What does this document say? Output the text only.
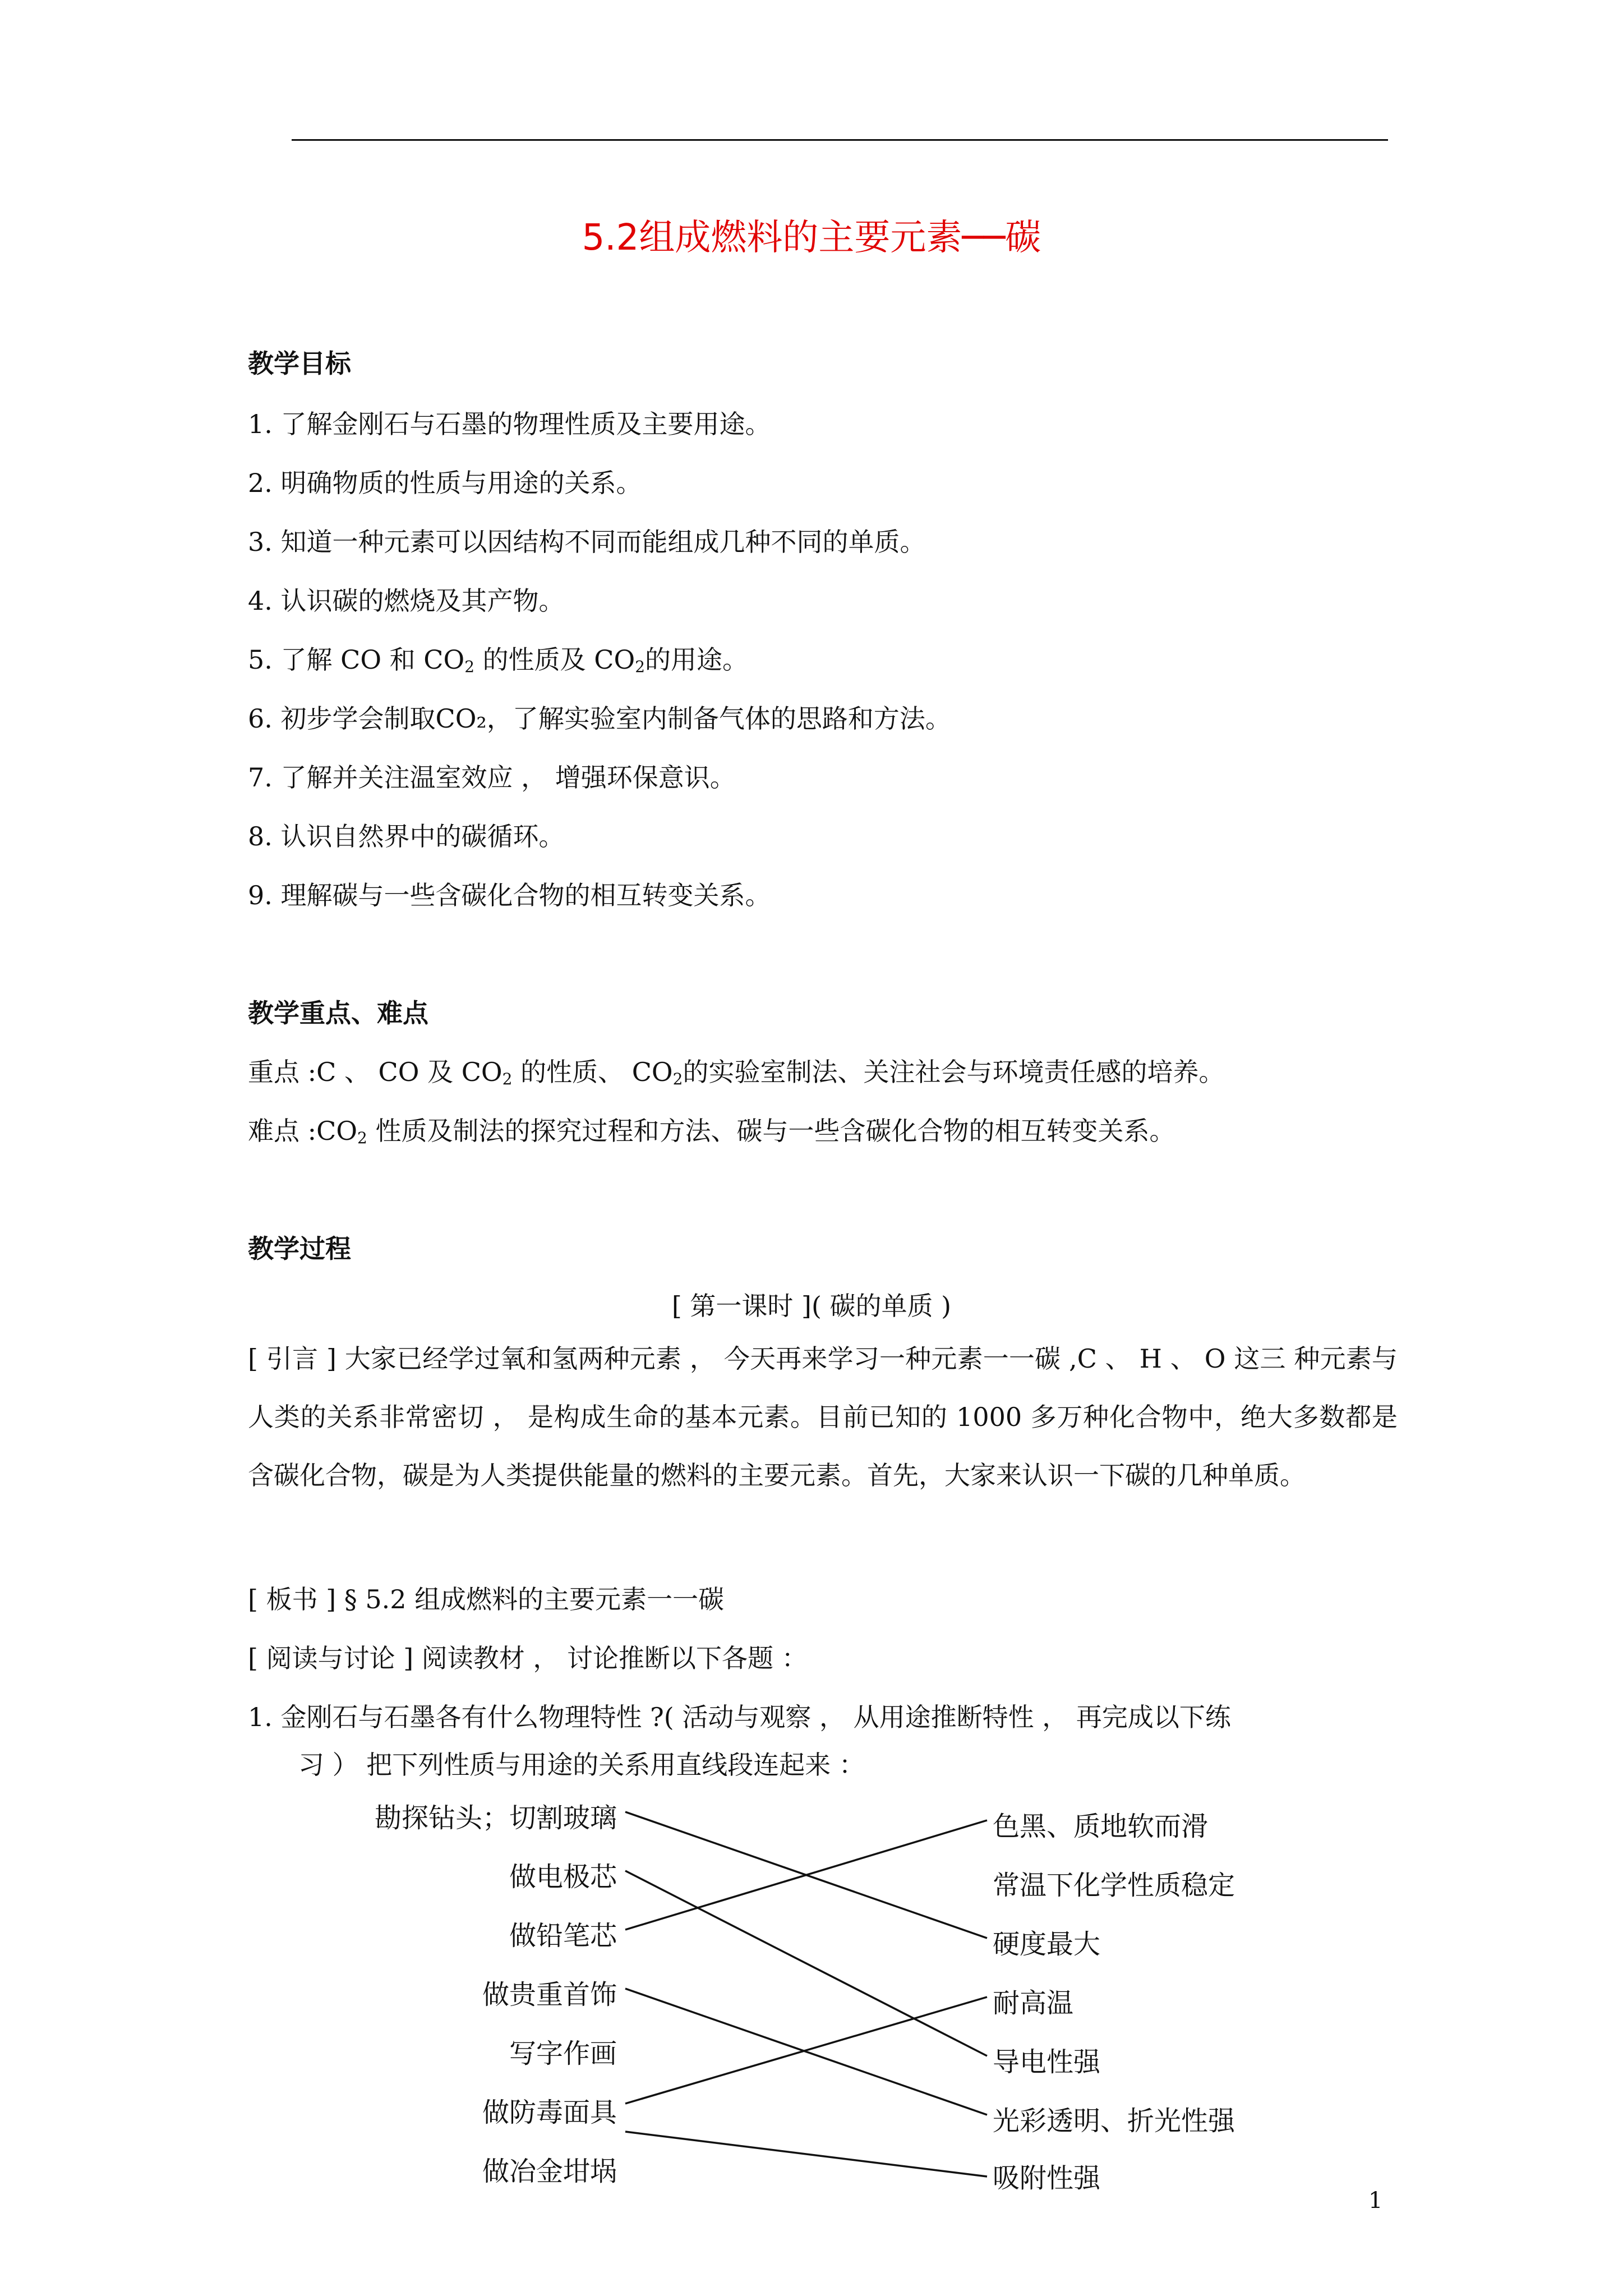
5.2组成燃料的主要元素──碳
教学目标
1. 了解金刚石与石墨的物理性质及主要用途。
2. 明确物质的性质与用途的关系。
3. 知道一种元素可以因结构不同而能组成几种不同的单质。
4. 认识碳的燃烧及其产物。
5. 了解 CO 和 $CO_2$ 的性质及 $CO_2$的用途。
6. 初步学会制取CO₂，了解实验室内制备气体的思路和方法。
7. 了解并关注温室效应 ， 增强环保意识。
8. 认识自然界中的碳循环。
9. 理解碳与一些含碳化合物的相互转变关系。
教学重点、难点
重点 :C 、 CO 及 $CO_2$ 的性质、 $CO_2$的实验室制法、关注社会与环境责任感的培养。
难点 $:CO_2$ 性质及制法的探究过程和方法、碳与一些含碳化合物的相互转变关系。
教学过程
[ 第一课时 ]( 碳的单质 )
[ 引言 ] 大家已经学过氧和氢两种元素 ， 今天再来学习一种元素一一碳 ,C 、 H 、 O 这三 种元素与人类的关系非常密切 ， 是构成生命的基本元素。目前已知的 1000 多万种化合物中，绝大多数都是含碳化合物，碳是为人类提供能量的燃料的主要元素。首先，大家来认识一下碳的几种单质。
[ 板书 ] § 5.2 组成燃料的主要元素一一碳
[ 阅读与讨论 ] 阅读教材 ， 讨论推断以下各题 ：
1. 金刚石与石墨各有什么物理特性 ?( 活动与观察 ， 从用途推断特性 ， 再完成以下练
习 ） 把下列性质与用途的关系用直线段连起来 ：
勘探钻头；切割玻璃
做电极芯
做铅笔芯
做贵重首饰
写字作画
做防毒面具
做冶金坩埚
色黑、质地软而滑
常温下化学性质稳定
硬度最大
耐高温
导电性强
光彩透明、折光性强
吸附性强
1
